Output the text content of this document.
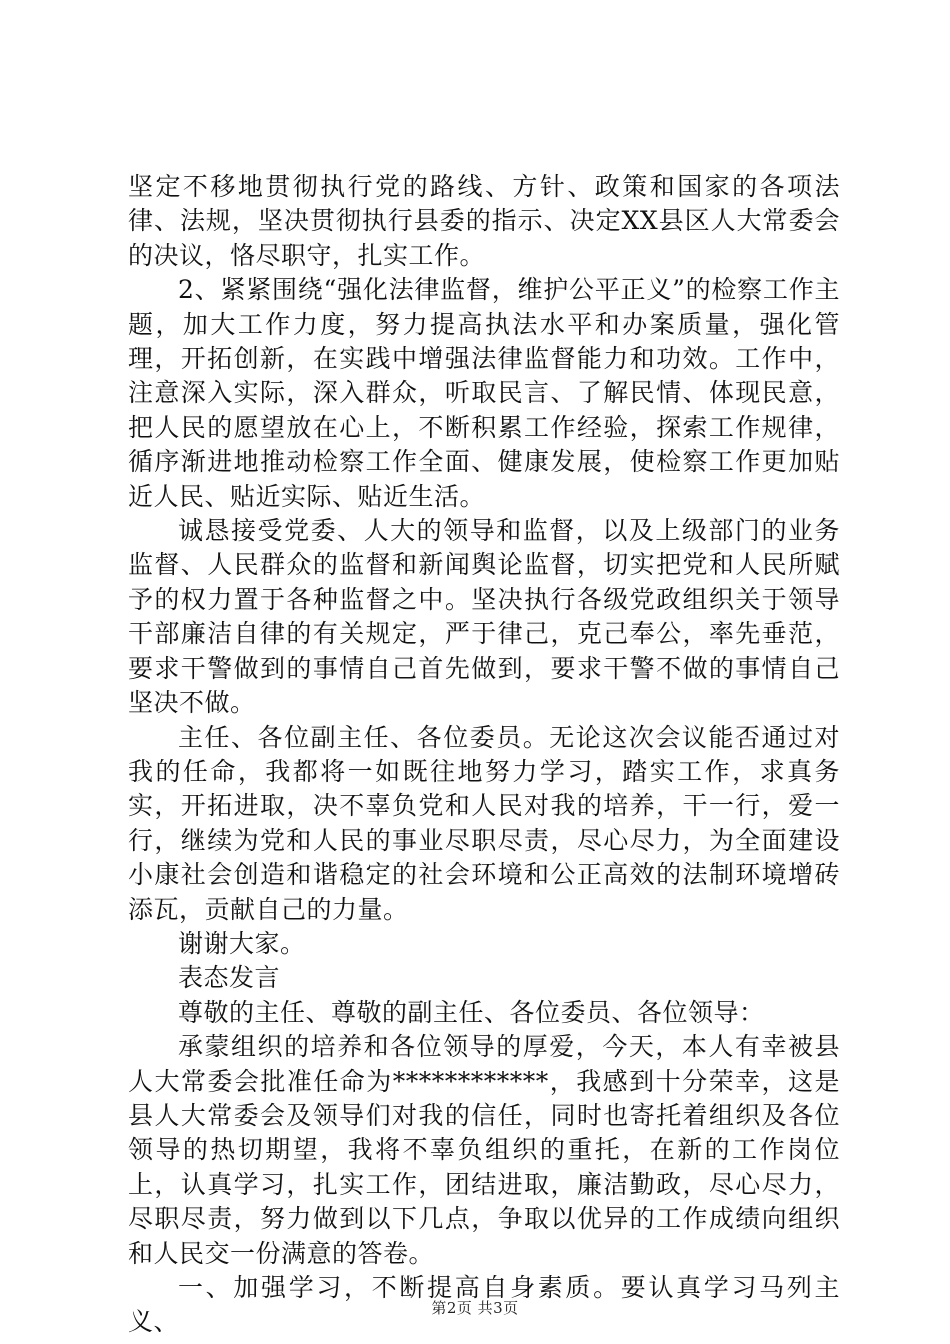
坚定不移地贯彻执行党的路线、方针、政策和国家的各项法律、法规，坚决贯彻执行县委的指示、决定XX县区人大常委会的决议，恪尽职守，扎实工作。

2、紧紧围绕“强化法律监督，维护公平正义”的检察工作主题，加大工作力度，努力提高执法水平和办案质量，强化管理，开拓创新，在实践中增强法律监督能力和功效。工作中，注意深入实际，深入群众，听取民言、了解民情、体现民意，把人民的愿望放在心上，不断积累工作经验，探索工作规律，循序渐进地推动检察工作全面、健康发展，使检察工作更加贴近人民、贴近实际、贴近生活。

诚恳接受党委、人大的领导和监督，以及上级部门的业务监督、人民群众的监督和新闻舆论监督，切实把党和人民所赋予的权力置于各种监督之中。坚决执行各级党政组织关于领导干部廉洁自律的有关规定，严于律己，克己奉公，率先垂范，要求干警做到的事情自己首先做到，要求干警不做的事情自己坚决不做。

主任、各位副主任、各位委员。无论这次会议能否通过对我的任命，我都将一如既往地努力学习，踏实工作，求真务实，开拓进取，决不辜负党和人民对我的培养，干一行，爱一行，继续为党和人民的事业尽职尽责，尽心尽力，为全面建设小康社会创造和谐稳定的社会环境和公正高效的法制环境增砖添瓦，贡献自己的力量。

谢谢大家。

表态发言

尊敬的主任、尊敬的副主任、各位委员、各位领导：

承蒙组织的培养和各位领导的厚爱，今天，本人有幸被县人大常委会批准任命为************，我感到十分荣幸，这是县人大常委会及领导们对我的信任，同时也寄托着组织及各位领导的热切期望，我将不辜负组织的重托，在新的工作岗位上，认真学习，扎实工作，团结进取，廉洁勤政，尽心尽力，尽职尽责，努力做到以下几点，争取以优异的工作成绩向组织和人民交一份满意的答卷。

一、加强学习，不断提高自身素质。要认真学习马列主义、	第2页 共3页
